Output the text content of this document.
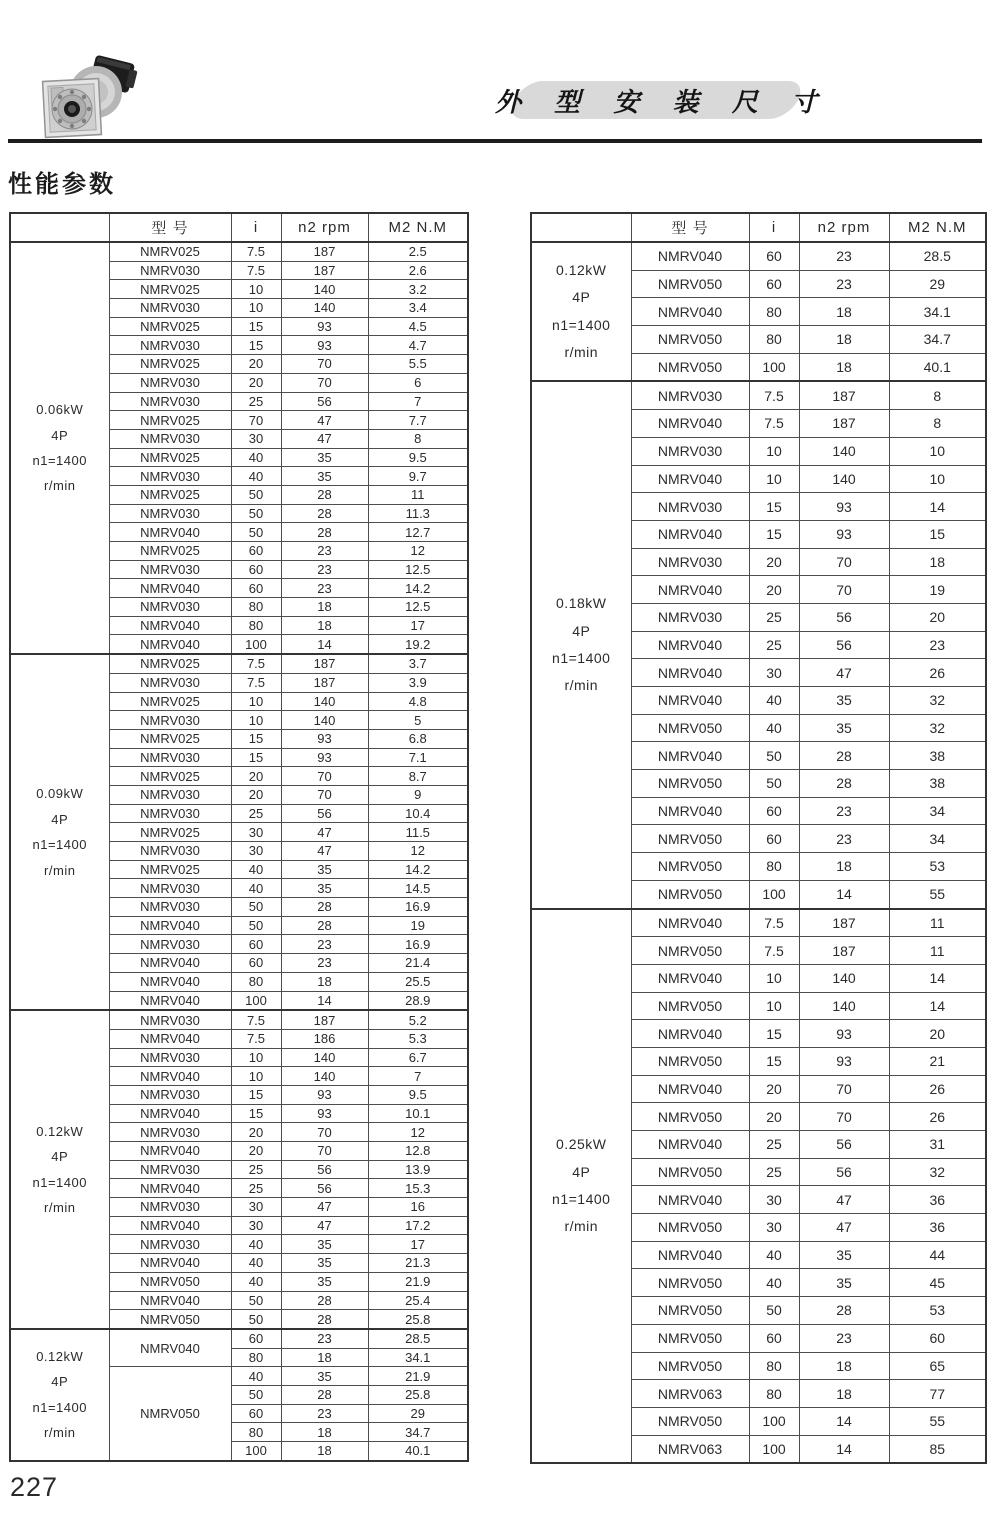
外 型 安 装 尺 寸
性能参数
	型 号	i	n2 rpm	M2 N.M

0.06kW
4P
n1=1400
r/min	NMRV025	7.5	187	2.5
	NMRV030	7.5	187	2.6
	NMRV025	10	140	3.2
	NMRV030	10	140	3.4
	NMRV025	15	93	4.5
	NMRV030	15	93	4.7
	NMRV025	20	70	5.5
	NMRV030	20	70	6
	NMRV030	25	56	7
	NMRV025	70	47	7.7
	NMRV030	30	47	8
	NMRV025	40	35	9.5
	NMRV030	40	35	9.7
	NMRV025	50	28	11
	NMRV030	50	28	11.3
	NMRV040	50	28	12.7
	NMRV025	60	23	12
	NMRV030	60	23	12.5
	NMRV040	60	23	14.2
	NMRV030	80	18	12.5
	NMRV040	80	18	17
	NMRV040	100	14	19.2

0.09kW
4P
n1=1400
r/min	NMRV025	7.5	187	3.7
	NMRV030	7.5	187	3.9
	NMRV025	10	140	4.8
	NMRV030	10	140	5
	NMRV025	15	93	6.8
	NMRV030	15	93	7.1
	NMRV025	20	70	8.7
	NMRV030	20	70	9
	NMRV030	25	56	10.4
	NMRV025	30	47	11.5
	NMRV030	30	47	12
	NMRV025	40	35	14.2
	NMRV030	40	35	14.5
	NMRV030	50	28	16.9
	NMRV040	50	28	19
	NMRV030	60	23	16.9
	NMRV040	60	23	21.4
	NMRV040	80	18	25.5
	NMRV040	100	14	28.9

0.12kW
4P
n1=1400
r/min	NMRV030	7.5	187	5.2
	NMRV040	7.5	186	5.3
	NMRV030	10	140	6.7
	NMRV040	10	140	7
	NMRV030	15	93	9.5
	NMRV040	15	93	10.1
	NMRV030	20	70	12
	NMRV040	20	70	12.8
	NMRV030	25	56	13.9
	NMRV040	25	56	15.3
	NMRV030	30	47	16
	NMRV040	30	47	17.2
	NMRV030	40	35	17
	NMRV040	40	35	21.3
	NMRV050	40	35	21.9
	NMRV040	50	28	25.4
	NMRV050	50	28	25.8

0.12kW
4P
n1=1400
r/min	NMRV040	60	23	28.5
		80	18	34.1
	NMRV050	40	35	21.9
		50	28	25.8
		60	23	29
		80	18	34.7
		100	18	40.1
	型 号	i	n2 rpm	M2 N.M

0.12kW
4P
n1=1400
r/min	NMRV040	60	23	28.5
	NMRV050	60	23	29
	NMRV040	80	18	34.1
	NMRV050	80	18	34.7
	NMRV050	100	18	40.1

0.18kW
4P
n1=1400
r/min	NMRV030	7.5	187	8
	NMRV040	7.5	187	8
	NMRV030	10	140	10
	NMRV040	10	140	10
	NMRV030	15	93	14
	NMRV040	15	93	15
	NMRV030	20	70	18
	NMRV040	20	70	19
	NMRV030	25	56	20
	NMRV040	25	56	23
	NMRV040	30	47	26
	NMRV040	40	35	32
	NMRV050	40	35	32
	NMRV040	50	28	38
	NMRV050	50	28	38
	NMRV040	60	23	34
	NMRV050	60	23	34
	NMRV050	80	18	53
	NMRV050	100	14	55

0.25kW
4P
n1=1400
r/min	NMRV040	7.5	187	11
	NMRV050	7.5	187	11
	NMRV040	10	140	14
	NMRV050	10	140	14
	NMRV040	15	93	20
	NMRV050	15	93	21
	NMRV040	20	70	26
	NMRV050	20	70	26
	NMRV040	25	56	31
	NMRV050	25	56	32
	NMRV040	30	47	36
	NMRV050	30	47	36
	NMRV040	40	35	44
	NMRV050	40	35	45
	NMRV050	50	28	53
	NMRV050	60	23	60
	NMRV050	80	18	65
	NMRV063	80	18	77
	NMRV050	100	14	55
	NMRV063	100	14	85
227
